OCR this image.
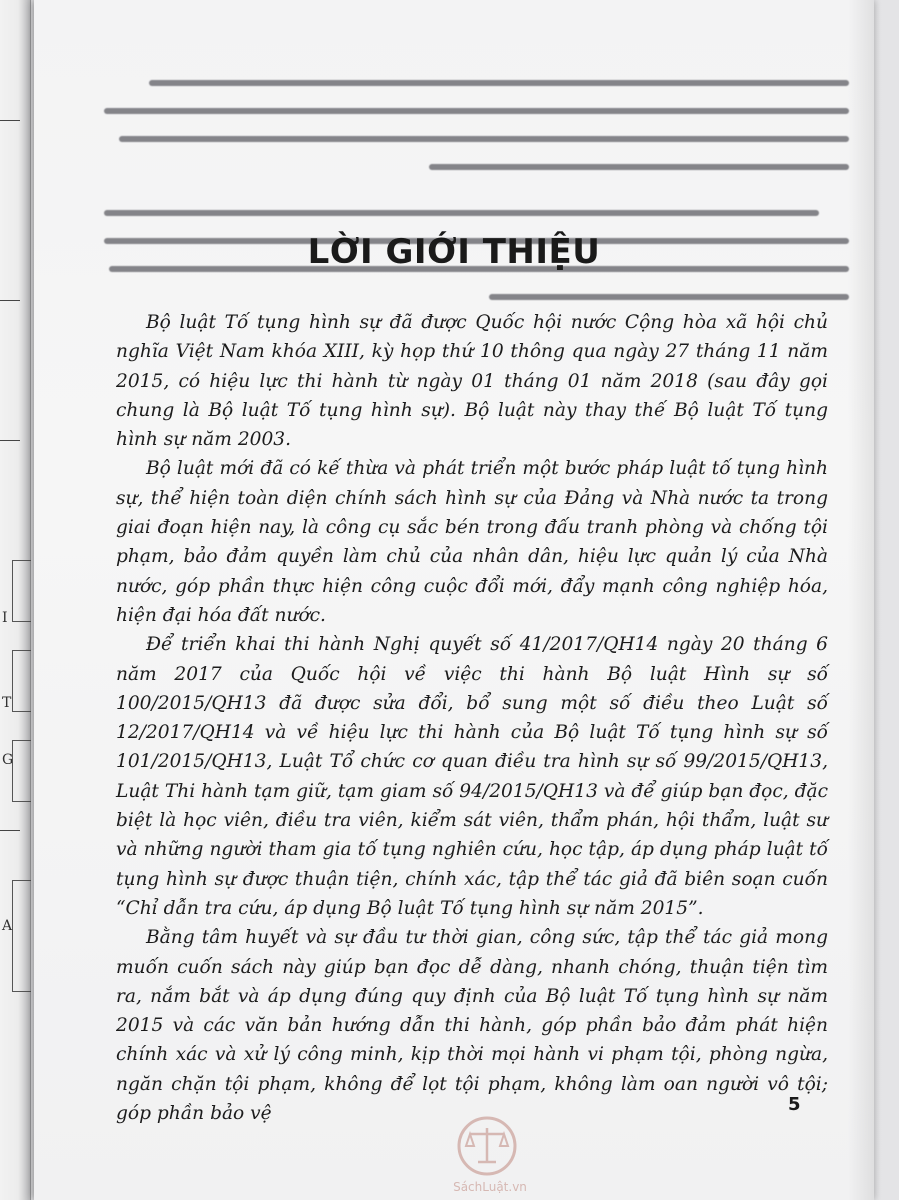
I
T
G
A
LỜI GIỚI THIỆU

Bộ luật Tố tụng hình sự đã được Quốc hội nước Cộng hòa xã hội chủ nghĩa Việt Nam khóa XIII, kỳ họp thứ 10 thông qua ngày 27 tháng 11 năm 2015, có hiệu lực thi hành từ ngày 01 tháng 01 năm 2018 (sau đây gọi chung là Bộ luật Tố tụng hình sự). Bộ luật này thay thế Bộ luật Tố tụng hình sự năm 2003.

Bộ luật mới đã có kế thừa và phát triển một bước pháp luật tố tụng hình sự, thể hiện toàn diện chính sách hình sự của Đảng và Nhà nước ta trong giai đoạn hiện nay, là công cụ sắc bén trong đấu tranh phòng và chống tội phạm, bảo đảm quyền làm chủ của nhân dân, hiệu lực quản lý của Nhà nước, góp phần thực hiện công cuộc đổi mới, đẩy mạnh công nghiệp hóa, hiện đại hóa đất nước.

Để triển khai thi hành Nghị quyết số 41/2017/QH14 ngày 20 tháng 6 năm 2017 của Quốc hội về việc thi hành Bộ luật Hình sự số 100/2015/QH13 đã được sửa đổi, bổ sung một số điều theo Luật số 12/2017/QH14 và về hiệu lực thi hành của Bộ luật Tố tụng hình sự số 101/2015/QH13, Luật Tổ chức cơ quan điều tra hình sự số 99/2015/QH13, Luật Thi hành tạm giữ, tạm giam số 94/2015/QH13 và để giúp bạn đọc, đặc biệt là học viên, điều tra viên, kiểm sát viên, thẩm phán, hội thẩm, luật sư và những người tham gia tố tụng nghiên cứu, học tập, áp dụng pháp luật tố tụng hình sự được thuận tiện, chính xác, tập thể tác giả đã biên soạn cuốn “Chỉ dẫn tra cứu, áp dụng Bộ luật Tố tụng hình sự năm 2015”.

Bằng tâm huyết và sự đầu tư thời gian, công sức, tập thể tác giả mong muốn cuốn sách này giúp bạn đọc dễ dàng, nhanh chóng, thuận tiện tìm ra, nắm bắt và áp dụng đúng quy định của Bộ luật Tố tụng hình sự năm 2015 và các văn bản hướng dẫn thi hành, góp phần bảo đảm phát hiện chính xác và xử lý công minh, kịp thời mọi hành vi phạm tội, phòng ngừa, ngăn chặn tội phạm, không để lọt tội phạm, không làm oan người vô tội; góp phần bảo vệ	5
SáchLuật.vn
